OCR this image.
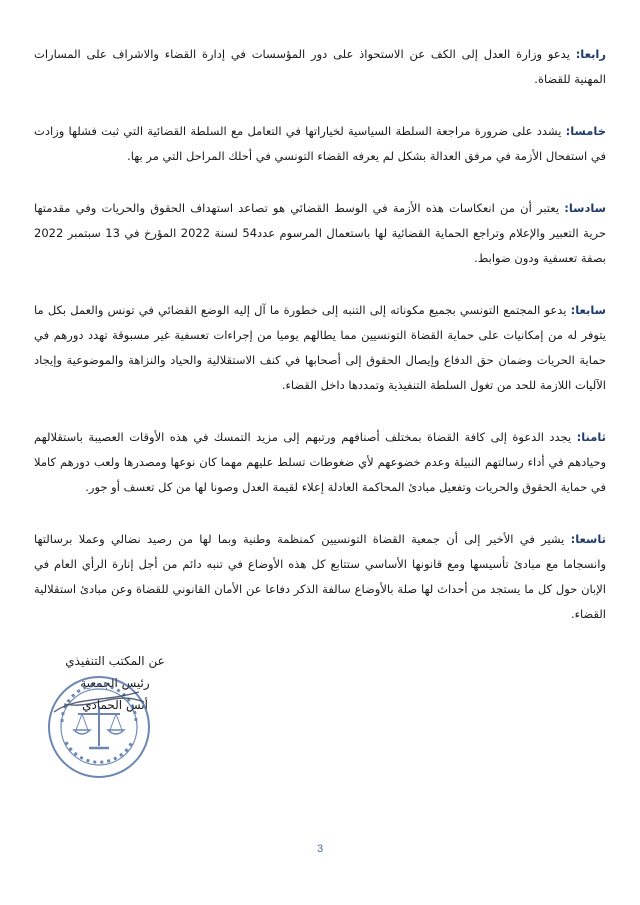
رابعا: يدعو وزارة العدل إلى الكف عن الاستحواذ على دور المؤسسات في إدارة القضاء والاشراف على المسارات المهنية للقضاة.

خامسا: يشدد على ضرورة مراجعة السلطة السياسية لخياراتها في التعامل مع السلطة القضائية التي ثبت فشلها وزادت في استفحال الأزمة في مرفق العدالة بشكل لم يعرفه القضاء التونسي في أحلك المراحل التي مر بها.

سادسا: يعتبر أن من انعكاسات هذه الأزمة في الوسط القضائي هو تصاعد استهداف الحقوق والحريات وفي مقدمتها حرية التعبير والإعلام وتراجع الحماية القضائية لها باستعمال المرسوم عدد54 لسنة 2022 المؤرخ في 13 سبتمبر 2022 بصفة تعسفية ودون ضوابط.

سابعا: يدعو المجتمع التونسي بجميع مكوناته إلى التنبه إلى خطورة ما آل إليه الوضع القضائي في تونس والعمل بكل ما يتوفر له من إمكانيات على حماية القضاة التونسيين مما يطالهم يوميا من إجراءات تعسفية غير مسبوقة تهدد دورهم في حماية الحريات وضمان حق الدفاع وإيصال الحقوق إلى أصحابها في كنف الاستقلالية والحياد والنزاهة والموضوعية وإيجاد الآليات اللازمة للحد من تغول السلطة التنفيذية وتمددها داخل القضاء.

ثامنا: يجدد الدعوة إلى كافة القضاة بمختلف أصنافهم ورتبهم إلى مزيد التمسك في هذه الأوقات العصيبة باستقلالهم وحيادهم في أداء رسالتهم النبيلة وعدم خضوعهم لأي ضغوطات تسلط عليهم مهما كان نوعها ومصدرها ولعب دورهم كاملا في حماية الحقوق والحريات وتفعيل مبادئ المحاكمة العادلة إعلاء لقيمة العدل وصونا لها من كل تعسف أو جور.

تاسعا: يشير في الأخير إلى أن جمعية القضاة التونسيين كمنظمة وطنية وبما لها من رصيد نضالي وعملا برسالتها وانسجاما مع مبادئ تأسيسها ومع قانونها الأساسي ستتابع كل هذه الأوضاع في تنبه دائم من أجل إنارة الرأي العام في الإبان حول كل ما يستجد من أحداث لها صلة بالأوضاع سالفة الذكر دفاعا عن الأمان القانوني للقضاة وعن مبادئ استقلالية القضاء.

عن المكتب التنفيذي
رئيس الجمعية
أنس الحمادي
3
